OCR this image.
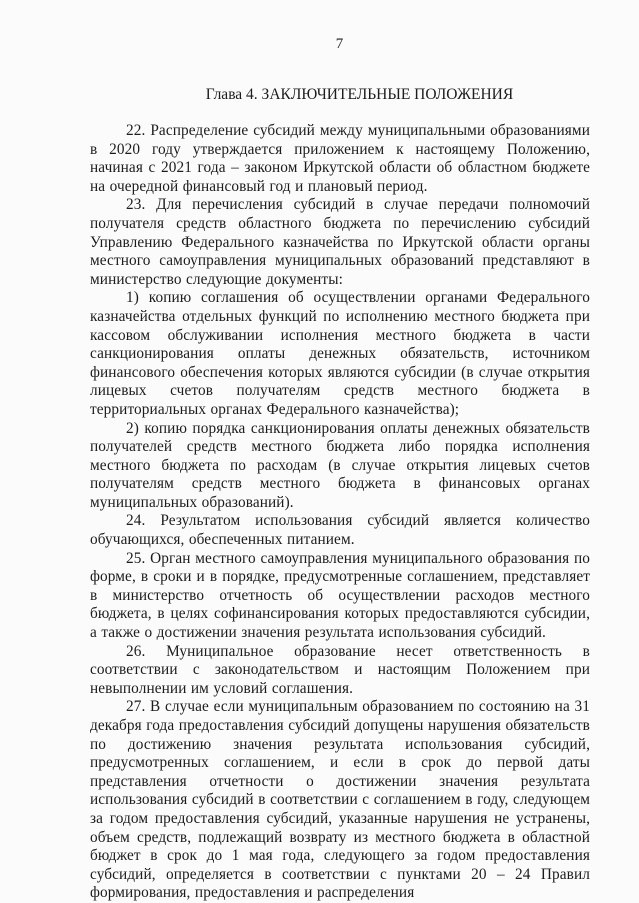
7
Глава 4. ЗАКЛЮЧИТЕЛЬНЫЕ ПОЛОЖЕНИЯ

22. Распределение субсидий между муниципальными образованиями в 2020 году утверждается приложением к настоящему Положению, начиная с 2021 года – законом Иркутской области об областном бюджете на очередной финансовый год и плановый период.

23. Для перечисления субсидий в случае передачи полномочий получателя средств областного бюджета по перечислению субсидий Управлению Федерального казначейства по Иркутской области органы местного самоуправления муниципальных образований представляют в министерство следующие документы:

1) копию соглашения об осуществлении органами Федерального казначейства отдельных функций по исполнению местного бюджета при кассовом обслуживании исполнения местного бюджета в части санкционирования оплаты денежных обязательств, источником финансового обеспечения которых являются субсидии (в случае открытия лицевых счетов получателям средств местного бюджета в территориальных органах Федерального казначейства);

2) копию порядка санкционирования оплаты денежных обязательств получателей средств местного бюджета либо порядка исполнения местного бюджета по расходам (в случае открытия лицевых счетов получателям средств местного бюджета в финансовых органах муниципальных образований).

24. Результатом использования субсидий является количество обучающихся, обеспеченных питанием.

25. Орган местного самоуправления муниципального образования по форме, в сроки и в порядке, предусмотренные соглашением, представляет в министерство отчетность об осуществлении расходов местного бюджета, в целях софинансирования которых предоставляются субсидии, а также о достижении значения результата использования субсидий.

26. Муниципальное образование несет ответственность в соответствии с законодательством и настоящим Положением при невыполнении им условий соглашения.

27. В случае если муниципальным образованием по состоянию на 31 декабря года предоставления субсидий допущены нарушения обязательств по достижению значения результата использования субсидий, предусмотренных соглашением, и если в срок до первой даты представления отчетности о достижении значения результата использования субсидий в соответствии с соглашением в году, следующем за годом предоставления субсидий, указанные нарушения не устранены, объем средств, подлежащий возврату из местного бюджета в областной бюджет в срок до 1 мая года, следующего за годом предоставления субсидий, определяется в соответствии с пунктами 20 – 24 Правил формирования, предоставления и распределения
